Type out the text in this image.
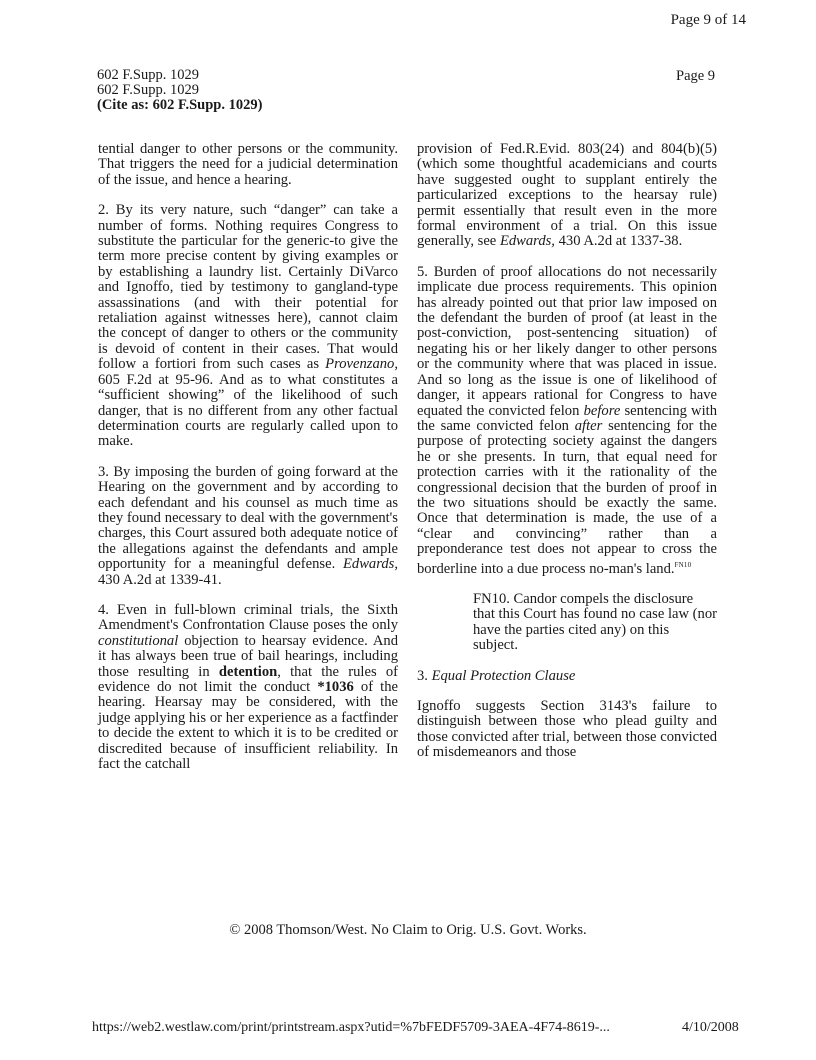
Page 9 of 14
602 F.Supp. 1029
602 F.Supp. 1029
(Cite as: 602 F.Supp. 1029)
Page 9

tential danger to other persons or the community. That triggers the need for a judicial determination of the issue, and hence a hearing.

2. By its very nature, such “danger” can take a number of forms. Nothing requires Congress to substitute the particular for the generic-to give the term more precise content by giving examples or by establishing a laundry list. Certainly DiVarco and Ignoffo, tied by testimony to gangland-type assassinations (and with their potential for retaliation against witnesses here), cannot claim the concept of danger to others or the community is devoid of content in their cases. That would follow a fortiori from such cases as Provenzano, 605 F.2d at 95-96. And as to what constitutes a “sufficient showing” of the likelihood of such danger, that is no different from any other factual determination courts are regularly called upon to make.

3. By imposing the burden of going forward at the Hearing on the government and by according to each defendant and his counsel as much time as they found necessary to deal with the government's charges, this Court assured both adequate notice of the allegations against the defendants and ample opportunity for a meaningful defense. Edwards, 430 A.2d at 1339-41.

4. Even in full-blown criminal trials, the Sixth Amendment's Confrontation Clause poses the only constitutional objection to hearsay evidence. And it has always been true of bail hearings, including those resulting in detention, that the rules of evidence do not limit the conduct *1036 of the hearing. Hearsay may be considered, with the judge applying his or her experience as a factfinder to decide the extent to which it is to be credited or discredited because of insufficient reliability. In fact the catchall

provision of Fed.R.Evid. 803(24) and 804(b)(5) (which some thoughtful academicians and courts have suggested ought to supplant entirely the particularized exceptions to the hearsay rule) permit essentially that result even in the more formal environment of a trial. On this issue generally, see Edwards, 430 A.2d at 1337-38.

5. Burden of proof allocations do not necessarily implicate due process requirements. This opinion has already pointed out that prior law imposed on the defendant the burden of proof (at least in the post-conviction, post-sentencing situation) of negating his or her likely danger to other persons or the community where that was placed in issue. And so long as the issue is one of likelihood of danger, it appears rational for Congress to have equated the convicted felon before sentencing with the same convicted felon after sentencing for the purpose of protecting society against the dangers he or she presents. In turn, that equal need for protection carries with it the rationality of the congressional decision that the burden of proof in the two situations should be exactly the same. Once that determination is made, the use of a “clear and convincing” rather than a preponderance test does not appear to cross the borderline into a due process no-man's land.$^{FN10}$

FN10. Candor compels the disclosure that this Court has found no case law (nor have the parties cited any) on this subject.

3. Equal Protection Clause

Ignoffo suggests Section 3143's failure to distinguish between those who plead guilty and those convicted after trial, between those convicted of misdemeanors and those

© 2008 Thomson/West. No Claim to Orig. U.S. Govt. Works.
https://web2.westlaw.com/print/printstream.aspx?utid=%7bFEDF5709-3AEA-4F74-8619-...	4/10/2008
